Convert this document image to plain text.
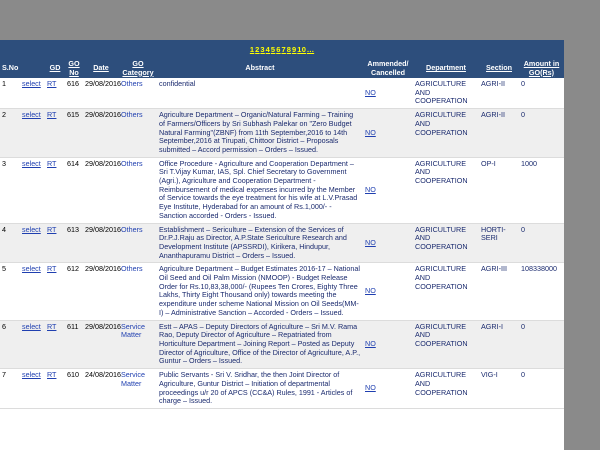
12345678910...
S.No		GD	GO No	Date	GO Category	Abstract	Ammended/ Cancelled	Department	Section	Amount in GO(Rs)
1	select	RT	616	29/08/2016	Others	confidential	NO	AGRICULTURE AND COOPERATION	AGRI-II	0
2	select	RT	615	29/08/2016	Others	Agriculture Department – Organic/Natural Farming – Training of Farmers/Officers by Sri Subhash Palekar on "Zero Budget Natural Farming"(ZBNF) from 11th September,2016 to 14th September,2016 at Tirupati, Chittoor District – Proposals submitted – Accord permission – Orders – Issued.	NO	AGRICULTURE AND COOPERATION	AGRI-II	0
3	select	RT	614	29/08/2016	Others	Office Procedure - Agriculture and Cooperation Department – Sri T.Vijay Kumar, IAS, Spl. Chief Secretary to Government (Agri.), Agriculture and Cooperation Department - Reimbursement of medical expenses incurred by the Member of Service towards the eye treatment for his wife at L.V.Prasad Eye Institute, Hyderabad for an amount of Rs.1,000/- - Sanction accorded - Orders - Issued.	NO	AGRICULTURE AND COOPERATION	OP-I	1000
4	select	RT	613	29/08/2016	Others	Establishment – Sericulture – Extension of the Services of Dr.P.J.Raju as Director, A.P.State Sericulture Research and Development Institute (APSSRDI), Kirikera, Hindupur, Ananthapuramu District – Orders – Issued.	NO	AGRICULTURE AND COOPERATION	HORTI-SERI	0
5	select	RT	612	29/08/2016	Others	Agriculture Department – Budget Estimates 2016-17 – National Oil Seed and Oil Palm Mission (NMOOP) - Budget Release Order for Rs.10,83,38,000/- (Rupees Ten Crores, Eighty Three Lakhs, Thirty Eight Thousand only) towards meeting the expenditure under scheme National Mission on Oil Seeds(MM-I) – Administrative Sanction – Accorded - Orders – Issued.	NO	AGRICULTURE AND COOPERATION	AGRI-III	108338000
6	select	RT	611	29/08/2016	Service Matter	Estt – APAS – Deputy Directors of Agriculture – Sri M.V. Rama Rao, Deputy Director of Agriculture – Repatriated from Horticulture Department – Joining Report – Posted as Deputy Director of Agriculture, Office of the Director of Agriculture, A.P., Guntur – Orders – Issued.	NO	AGRICULTURE AND COOPERATION	AGRI-I	0
7	select	RT	610	24/08/2016	Service Matter	Public Servants - Sri V. Sridhar, the then Joint Director of Agriculture, Guntur District – Initiation of departmental proceedings u/r 20 of APCS (CC&A) Rules, 1991 - Articles of charge – Issued.	NO	AGRICULTURE AND COOPERATION	VIG-I	0
